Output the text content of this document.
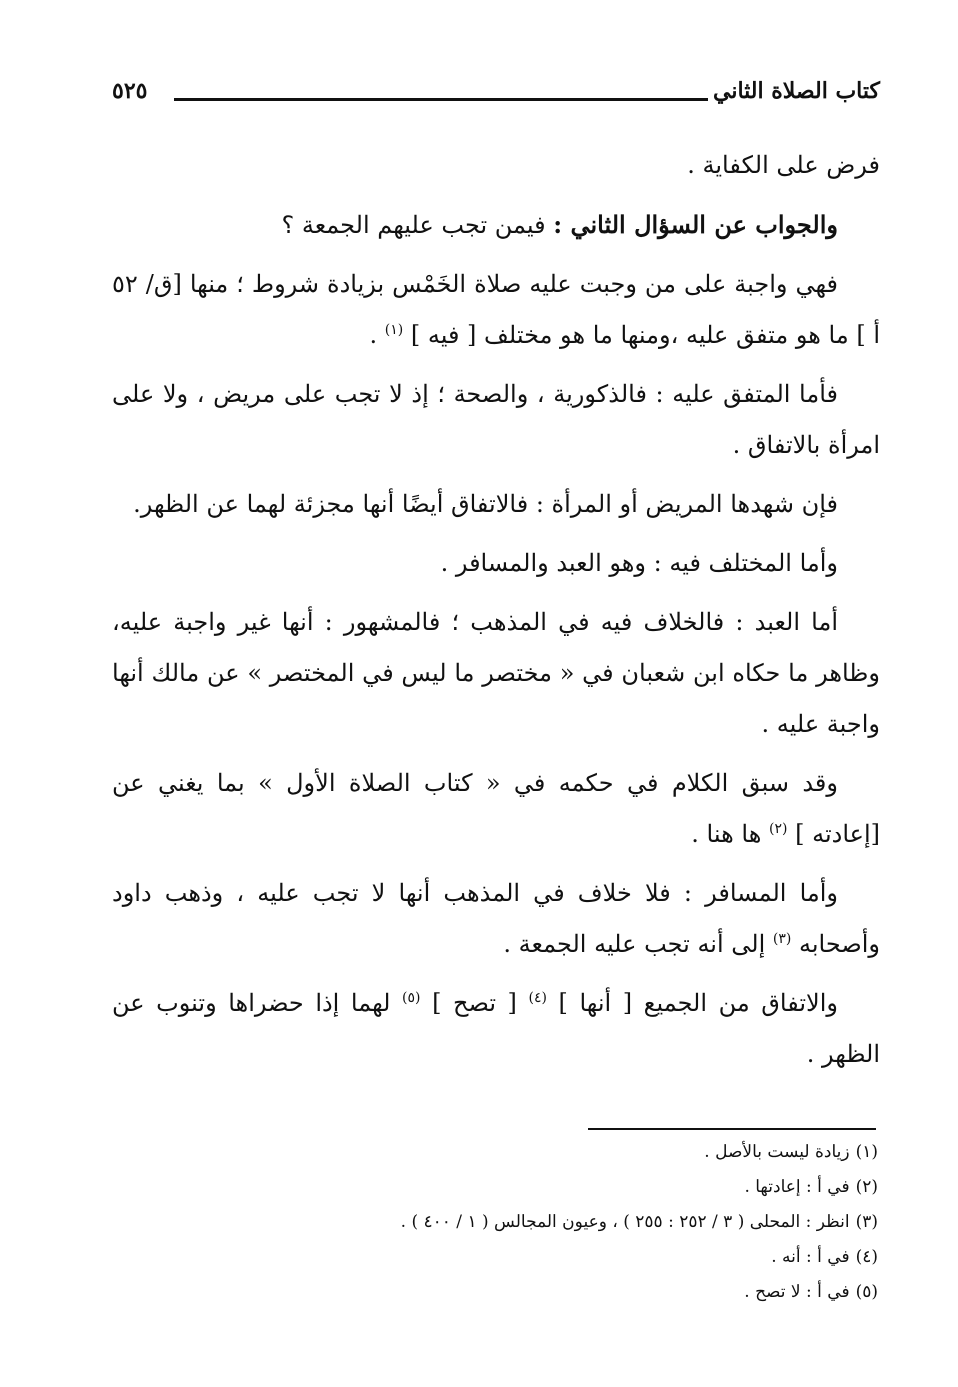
كتاب الصلاة الثاني
٥٢٥

فرض على الكفاية .

والجواب عن السؤال الثاني : فيمن تجب عليهم الجمعة ؟

فهي واجبة على من وجبت عليه صلاة الخَمْس بزيادة شروط ؛ منها [ق/ ٥٢ أ ] ما هو متفق عليه ،ومنها ما هو مختلف [ فيه ] $^{(١)}$ .

فأما المتفق عليه : فالذكورية ، والصحة ؛ إذ لا تجب على مريض ، ولا على امرأة بالاتفاق .

فإن شهدها المريض أو المرأة : فالاتفاق أيضًا أنها مجزئة لهما عن الظهر.

وأما المختلف فيه : وهو العبد والمسافر .

أما العبد : فالخلاف فيه في المذهب ؛ فالمشهور : أنها غير واجبة عليه، وظاهر ما حكاه ابن شعبان في « مختصر ما ليس في المختصر » عن مالك أنها واجبة عليه .

وقد سبق الكلام في حكمه في « كتاب الصلاة الأول » بما يغني عن [إعادته ] $^{(٢)}$ ها هنا .

وأما المسافر : فلا خلاف في المذهب أنها لا تجب عليه ، وذهب داود وأصحابه $^{(٣)}$ إلى أنه تجب عليه الجمعة .

والاتفاق من الجميع [ أنها ] $^{(٤)}$ [ تصح ] $^{(٥)}$ لهما إذا حضراها وتنوب عن الظهر .

(١)زيادة ليست بالأصل .
(٢)في أ : إعادتها .
(٣)انظر : المحلى ( ٣ / ٢٥٢ : ٢٥٥ ) ، وعيون المجالس ( ١ / ٤٠٠ ) .
(٤)في أ : أنه .
(٥)في أ : لا تصح .
